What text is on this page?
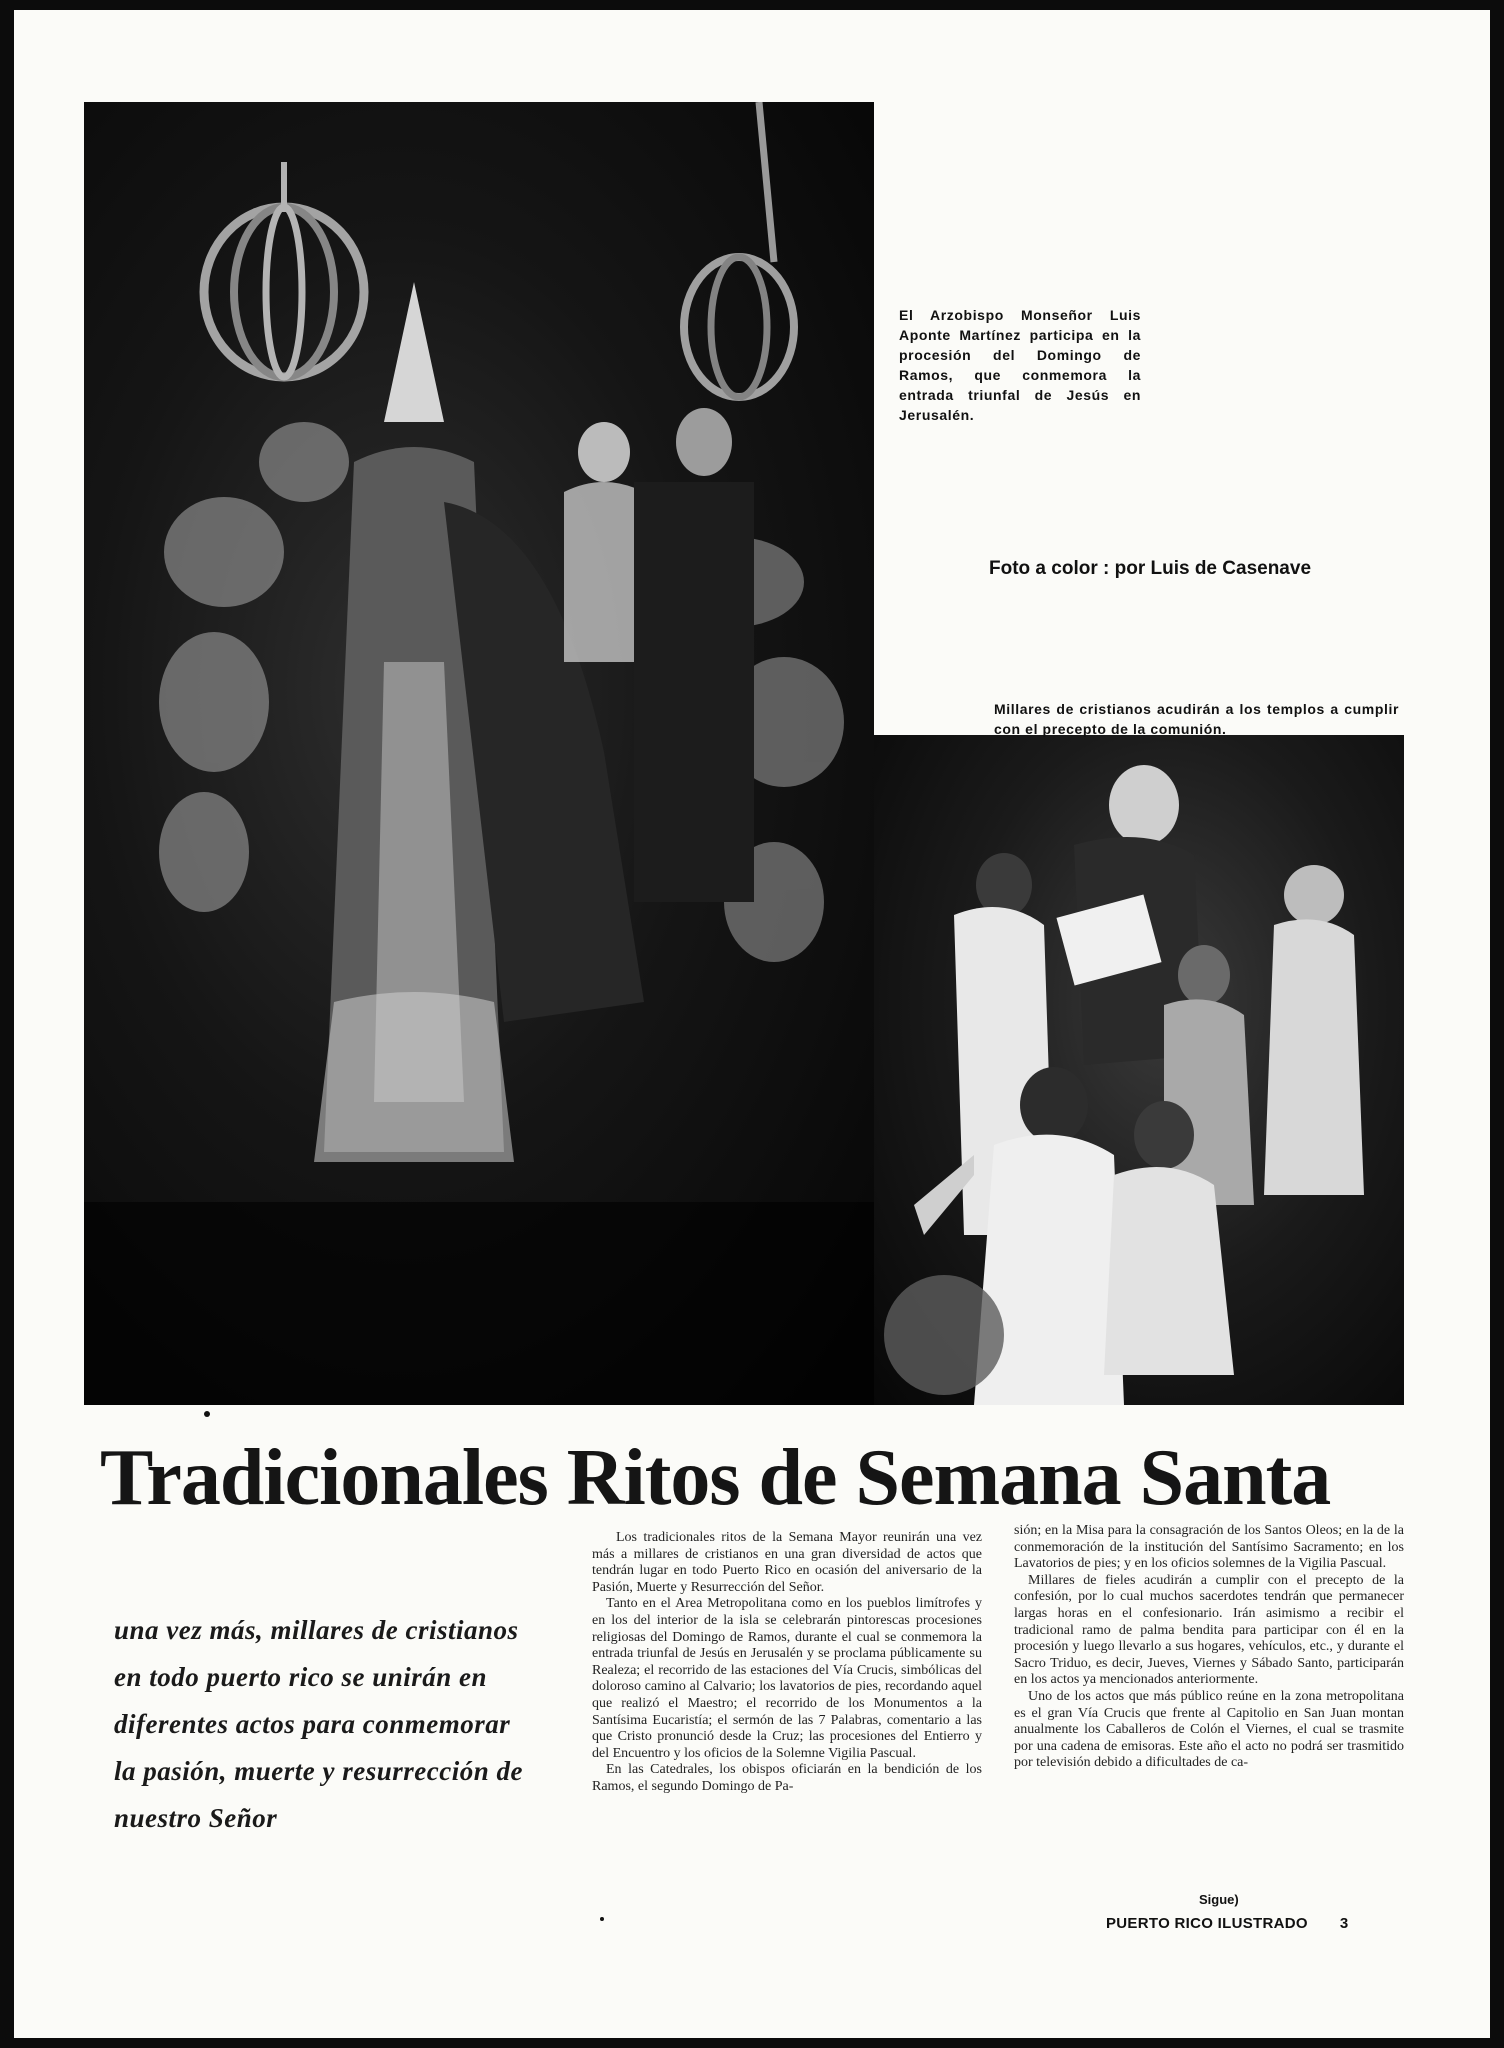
El Arzobispo Monseñor Luis Aponte Martínez participa en la procesión del Domingo de Ramos, que conmemora la entrada triunfal de Jesús en Jerusalén.
Foto a color : por Luis de Casenave
Millares de cristianos acudirán a los templos a cumplir con el precepto de la comunión.
Tradicionales Ritos de Semana Santa
una vez más, millares de cristianos en todo puerto rico se unirán en diferentes actos para conmemorar la pasión, muerte y resurrección de nuestro Señor

Los tradicionales ritos de la Semana Mayor reunirán una vez más a millares de cristianos en una gran diversidad de actos que tendrán lugar en todo Puerto Rico en ocasión del aniversario de la Pasión, Muerte y Resurrección del Señor.

Tanto en el Area Metropolitana como en los pueblos limítrofes y en los del interior de la isla se celebrarán pintorescas procesiones religiosas del Domingo de Ramos, durante el cual se conmemora la entrada triunfal de Jesús en Jerusalén y se proclama públicamente su Realeza; el recorrido de las estaciones del Vía Crucis, simbólicas del doloroso camino al Calvario; los lavatorios de pies, recordando aquel que realizó el Maestro; el recorrido de los Monumentos a la Santísima Eucaristía; el sermón de las 7 Palabras, comentario a las que Cristo pronunció desde la Cruz; las procesiones del Entierro y del Encuentro y los oficios de la Solemne Vigilia Pascual.

En las Catedrales, los obispos oficiarán en la bendición de los Ramos, el segundo Domingo de Pa-

sión; en la Misa para la consagración de los Santos Oleos; en la de la conmemoración de la institución del Santísimo Sacramento; en los Lavatorios de pies; y en los oficios solemnes de la Vigilia Pascual.

Millares de fieles acudirán a cumplir con el precepto de la confesión, por lo cual muchos sacerdotes tendrán que permanecer largas horas en el confesionario. Irán asimismo a recibir el tradicional ramo de palma bendita para participar con él en la procesión y luego llevarlo a sus hogares, vehículos, etc., y durante el Sacro Triduo, es decir, Jueves, Viernes y Sábado Santo, participarán en los actos ya mencionados anteriormente.

Uno de los actos que más público reúne en la zona metropolitana es el gran Vía Crucis que frente al Capitolio en San Juan montan anualmente los Caballeros de Colón el Viernes, el cual se trasmite por una cadena de emisoras. Este año el acto no podrá ser trasmitido por televisión debido a dificultades de ca-

Sigue)
PUERTO RICO ILUSTRADO 3
